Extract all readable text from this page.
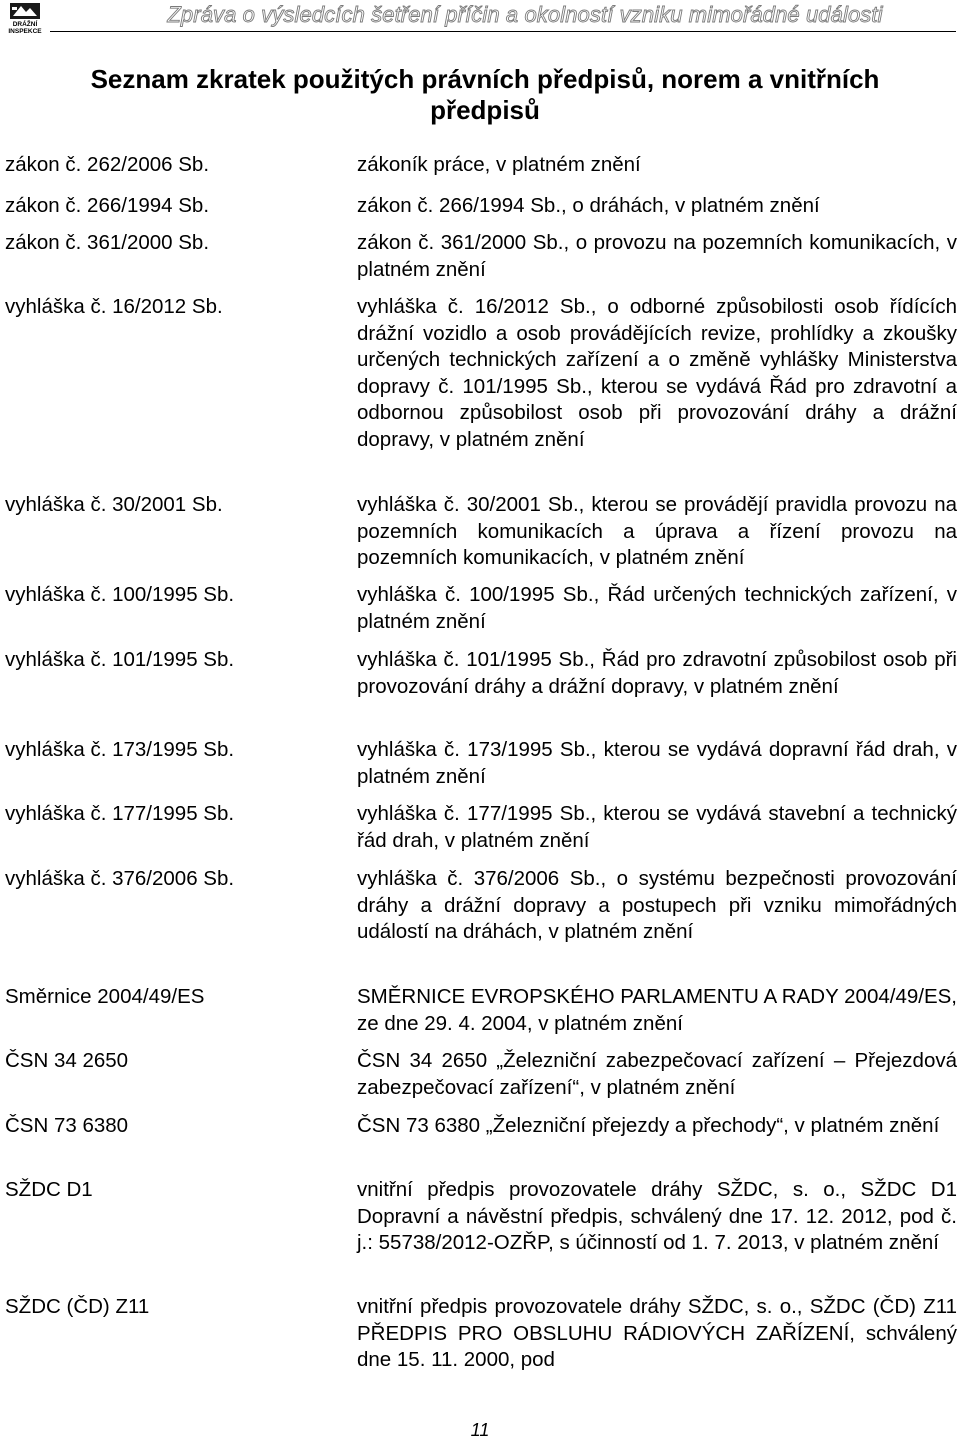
DRÁŽNÍ
INSPEKCE
Zpráva o výsledcích šetření příčin a okolností vzniku mimořádné události
Seznam zkratek použitých právních předpisů, norem a vnitřních předpisů
zákon č. 262/2006 Sb.	zákoník práce, v platném znění
zákon č. 266/1994 Sb.	zákon č. 266/1994 Sb., o dráhách, v platném znění
zákon č. 361/2000 Sb.	zákon č. 361/2000 Sb., o provozu na pozemních komunikacích, v platném znění
vyhláška č. 16/2012 Sb.	vyhláška č. 16/2012 Sb., o odborné způsobilosti osob řídících drážní vozidlo a osob provádějících revize, prohlídky a zkoušky určených technických zařízení a o změně vyhlášky Ministerstva dopravy č. 101/1995 Sb., kterou se vydává Řád pro zdravotní a odbornou způsobilost osob při provozování dráhy a drážní dopravy, v platném znění
vyhláška č. 30/2001 Sb.	vyhláška č. 30/2001 Sb., kterou se provádějí pravidla provozu na pozemních komunikacích a úprava a řízení provozu na pozemních komunikacích, v platném znění
vyhláška č. 100/1995 Sb.	vyhláška č. 100/1995 Sb., Řád určených technických zařízení, v platném znění
vyhláška č. 101/1995 Sb.	vyhláška č. 101/1995 Sb., Řád pro zdravotní způsobilost osob při provozování dráhy a drážní dopravy, v platném znění
vyhláška č. 173/1995 Sb.	vyhláška č. 173/1995 Sb., kterou se vydává dopravní řád drah, v platném znění
vyhláška č. 177/1995 Sb.	vyhláška č. 177/1995 Sb., kterou se vydává stavební a technický řád drah, v platném znění
vyhláška č. 376/2006 Sb.	vyhláška č. 376/2006 Sb., o systému bezpečnosti provozování dráhy a drážní dopravy a postupech při vzniku mimořádných událostí na dráhách, v platném znění
Směrnice 2004/49/ES	SMĚRNICE EVROPSKÉHO PARLAMENTU A RADY 2004/49/ES, ze dne 29. 4. 2004, v platném znění
ČSN 34 2650	ČSN 34 2650 „Železniční zabezpečovací zařízení – Přejezdová zabezpečovací zařízení“, v platném znění
ČSN 73 6380	ČSN 73 6380 „Železniční přejezdy a přechody“, v platném znění
SŽDC D1	vnitřní předpis provozovatele dráhy SŽDC, s. o., SŽDC D1 Dopravní a návěstní předpis, schválený dne 17. 12. 2012, pod č. j.: 55738/2012-OZŘP, s účinností od 1. 7. 2013, v platném znění
SŽDC (ČD) Z11	vnitřní předpis provozovatele dráhy SŽDC, s. o., SŽDC (ČD) Z11 PŘEDPIS PRO OBSLUHU RÁDIOVÝCH ZAŘÍZENÍ, schválený dne 15. 11. 2000, pod
11
